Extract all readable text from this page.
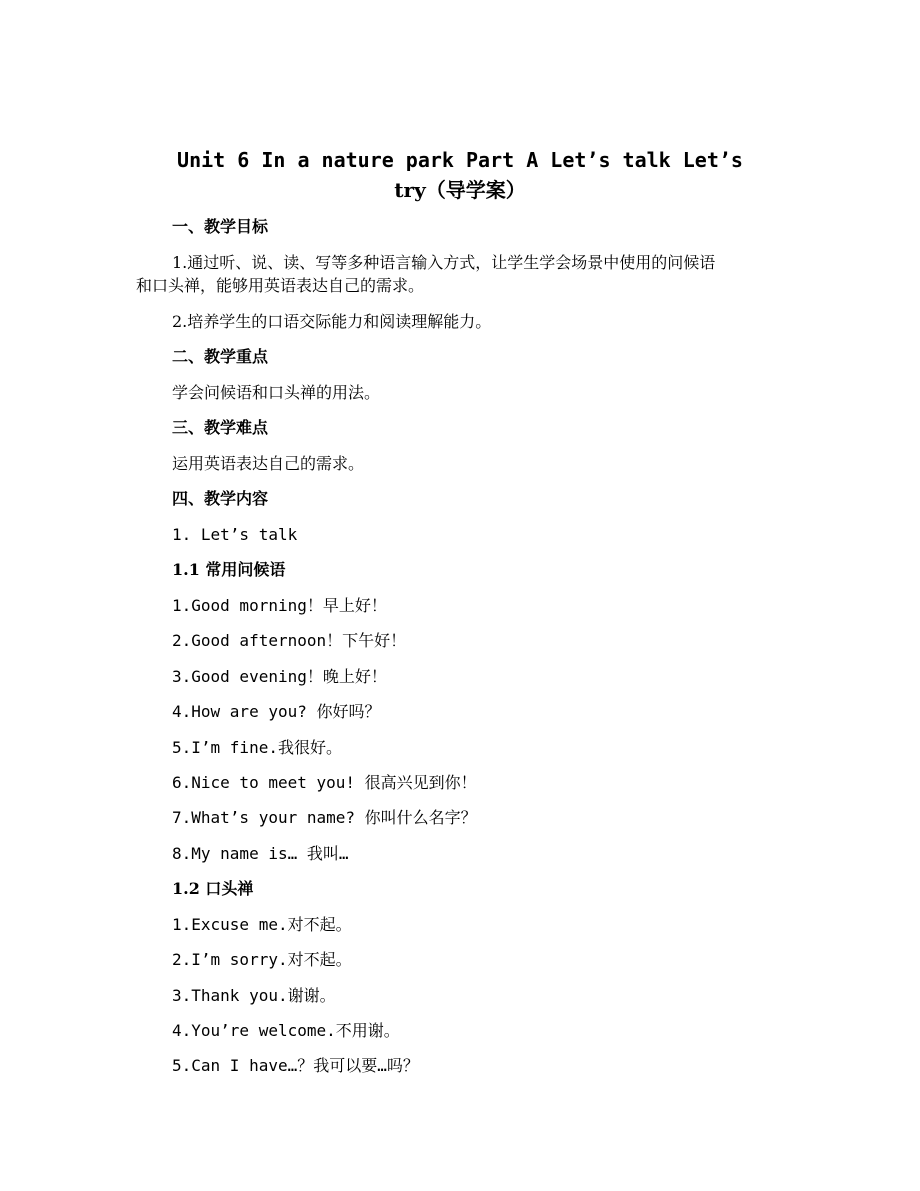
Unit 6 In a nature park Part A Let’s talk Let’s
try（导学案）
一、教学目标
1.通过听、说、读、写等多种语言输入方式，让学生学会场景中使用的问候语
和口头禅，能够用英语表达自己的需求。
2.培养学生的口语交际能力和阅读理解能力。
二、教学重点
学会问候语和口头禅的用法。
三、教学难点
运用英语表达自己的需求。
四、教学内容
1. Let’s talk
1.1 常用问候语
1.Good morning！早上好！
2.Good afternoon！下午好！
3.Good evening！晚上好！
4.How are you? 你好吗？
5.I’m fine.我很好。
6.Nice to meet you! 很高兴见到你！
7.What’s your name? 你叫什么名字？
8.My name is… 我叫…
1.2 口头禅
1.Excuse me.对不起。
2.I’m sorry.对不起。
3.Thank you.谢谢。
4.You’re welcome.不用谢。
5.Can I have…？我可以要…吗？
